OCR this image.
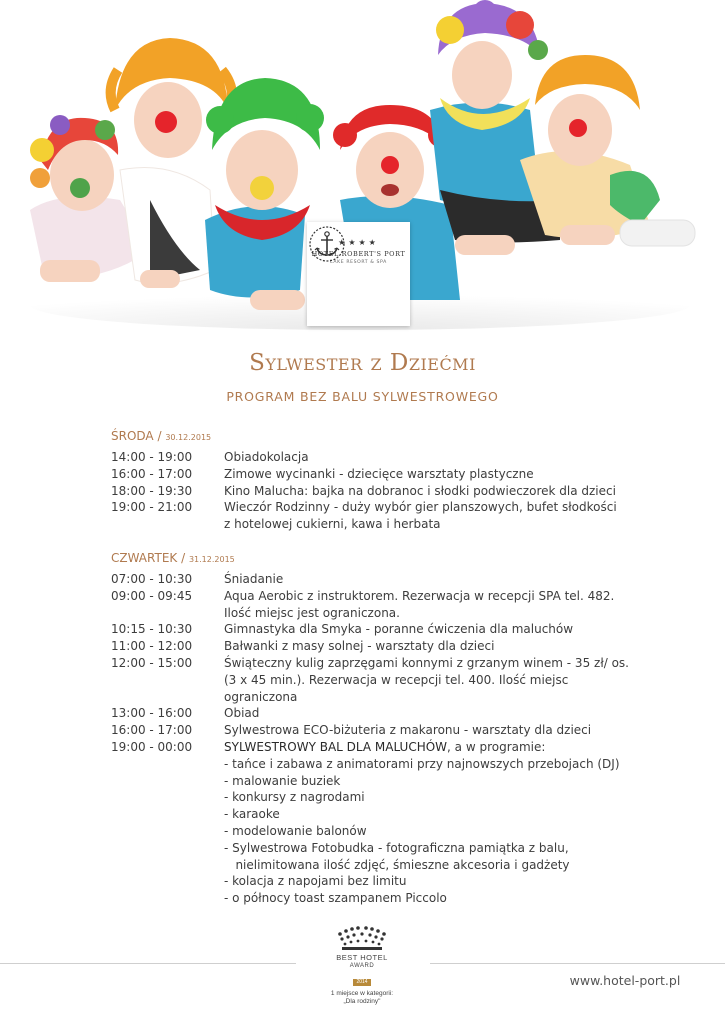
★★★★
HOTEL ROBERT'S PORT
LAKE RESORT & SPA
Sylwester z Dziećmi
PROGRAM BEZ BALU SYLWESTROWEGO
ŚRODA / 30.12.2015
14:00 - 19:00	Obiadokolacja
16:00 - 17:00	Zimowe wycinanki - dziecięce warsztaty plastyczne
18:00 - 19:30	Kino Malucha: bajka na dobranoc i słodki podwieczorek dla dzieci
19:00 - 21:00	Wieczór Rodzinny - duży wybór gier planszowych, bufet słodkości
z hotelowej cukierni, kawa i herbata
CZWARTEK / 31.12.2015
07:00 - 10:30	Śniadanie
09:00 - 09:45	Aqua Aerobic z instruktorem. Rezerwacja w recepcji SPA tel. 482.
Ilość miejsc jest ograniczona.
10:15 - 10:30	Gimnastyka dla Smyka - poranne ćwiczenia dla maluchów
11:00 - 12:00	Bałwanki z masy solnej - warsztaty dla dzieci
12:00 - 15:00	Świąteczny kulig zaprzęgami konnymi z grzanym winem - 35 zł/ os.
(3 x 45 min.). Rezerwacja w recepcji tel. 400. Ilość miejsc ograniczona
13:00 - 16:00	Obiad
16:00 - 17:00	Sylwestrowa ECO-biżuteria z makaronu - warsztaty dla dzieci
19:00 - 00:00	SYLWESTROWY BAL DLA MALUCHÓW, a w programie:
- tańce i zabawa z animatorami przy najnowszych przebojach (DJ)
- malowanie buziek
- konkursy z nagrodami
- karaoke
- modelowanie balonów
- Sylwestrowa Fotobudka - fotograficzna pamiątka z balu,
nielimitowana ilość zdjęć, śmieszne akcesoria i gadżety
- kolacja z napojami bez limitu
- o północy toast szampanem Piccolo
BEST HOTEL
AWARD
2014
1 miejsce w kategorii:
„Dla rodziny"
www.hotel-port.pl
